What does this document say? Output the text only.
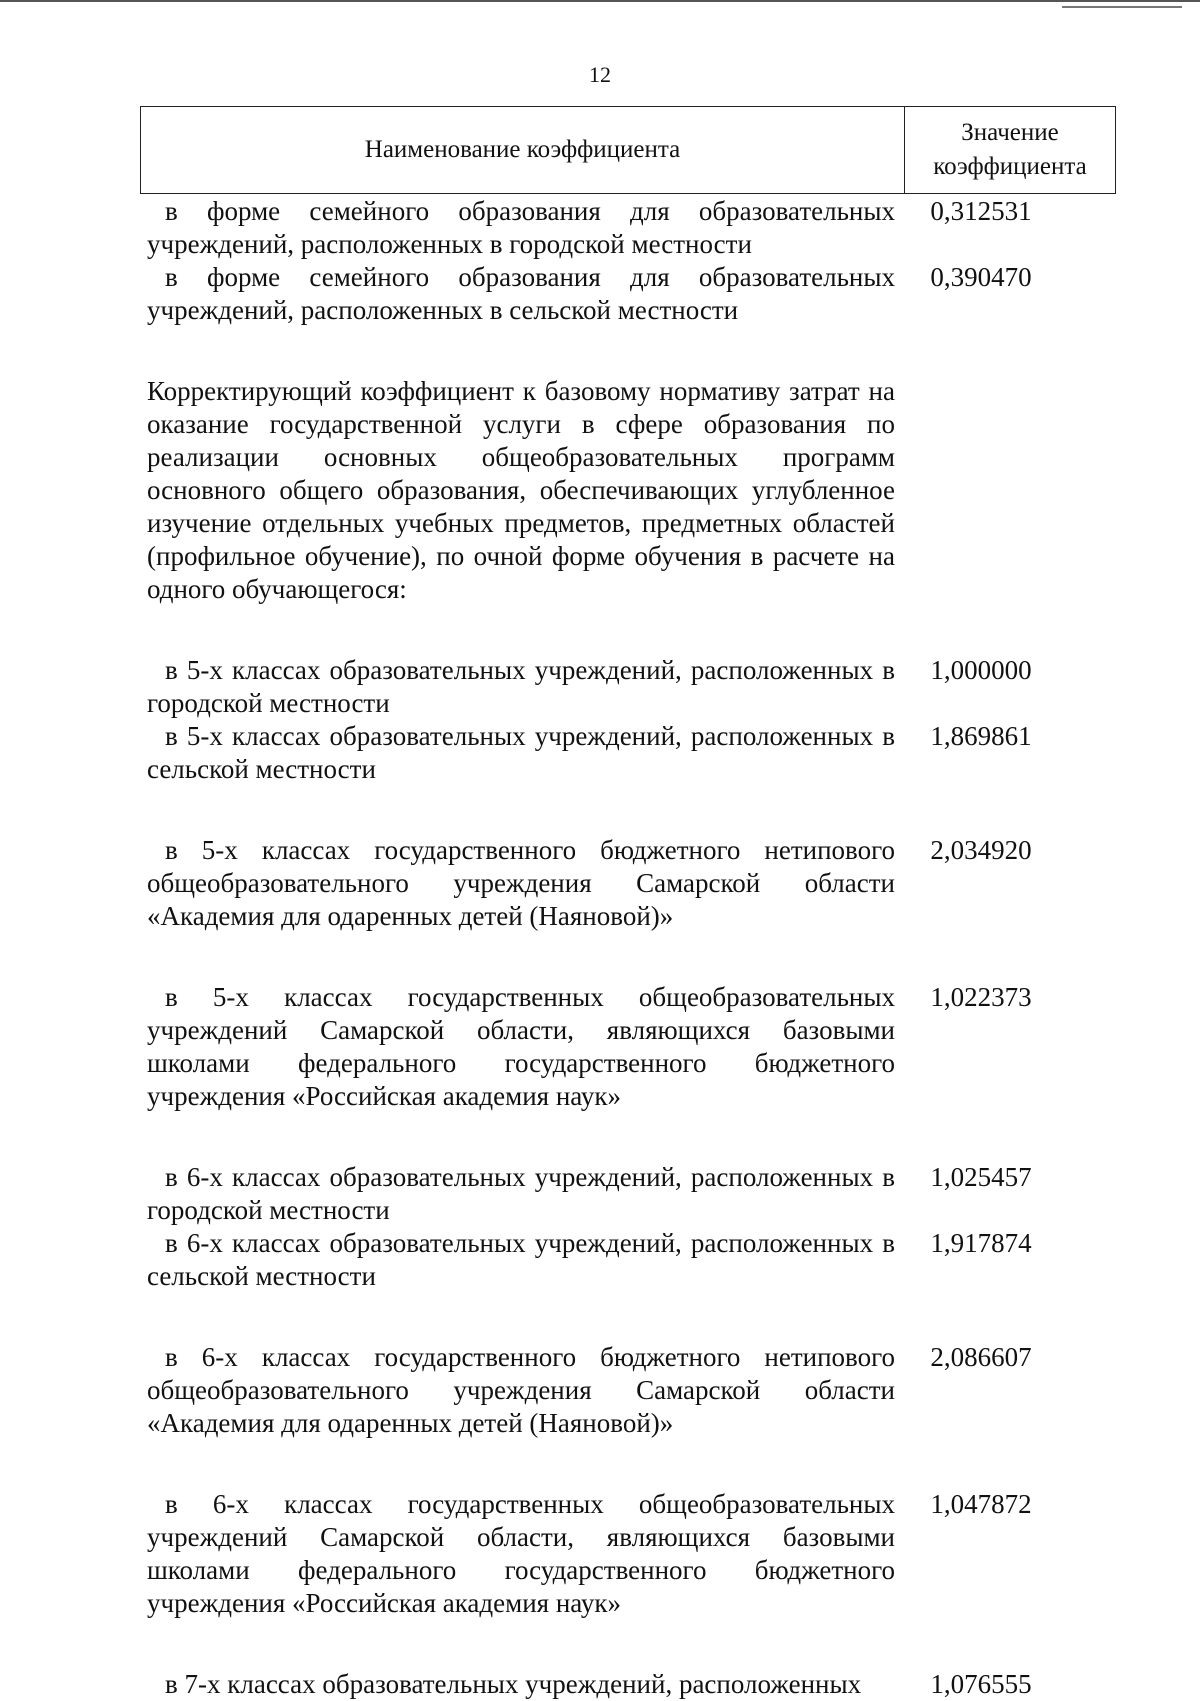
12
Наименование коэффициента
Значение
коэффициента
в форме семейного образования для образовательных учреждений, расположенных в городской местности
0,312531
в форме семейного образования для образовательных учреждений, расположенных в сельской местности
0,390470
Корректирующий коэффициент к базовому нормативу затрат на оказание государственной услуги в сфере образования по реализации основных общеобразовательных программ основного общего образования, обеспечивающих углубленное изучение отдельных учебных предметов, предметных областей (профильное обучение), по очной форме обучения в расчете на одного обучающегося:
в 5-х классах образовательных учреждений, расположенных в городской местности
1,000000
в 5-х классах образовательных учреждений, расположенных в сельской местности
1,869861
в 5-х классах государственного бюджетного нетипового общеобразовательного учреждения Самарской области «Академия для одаренных детей (Наяновой)»
2,034920
в 5-х классах государственных общеобразовательных учреждений Самарской области, являющихся базовыми школами федерального государственного бюджетного учреждения «Российская академия наук»
1,022373
в 6-х классах образовательных учреждений, расположенных в городской местности
1,025457
в 6-х классах образовательных учреждений, расположенных в сельской местности
1,917874
в 6-х классах государственного бюджетного нетипового общеобразовательного учреждения Самарской области «Академия для одаренных детей (Наяновой)»
2,086607
в 6-х классах государственных общеобразовательных учреждений Самарской области, являющихся базовыми школами федерального государственного бюджетного учреждения «Российская академия наук»
1,047872
в 7-х классах образовательных учреждений, расположенных	1,076555
